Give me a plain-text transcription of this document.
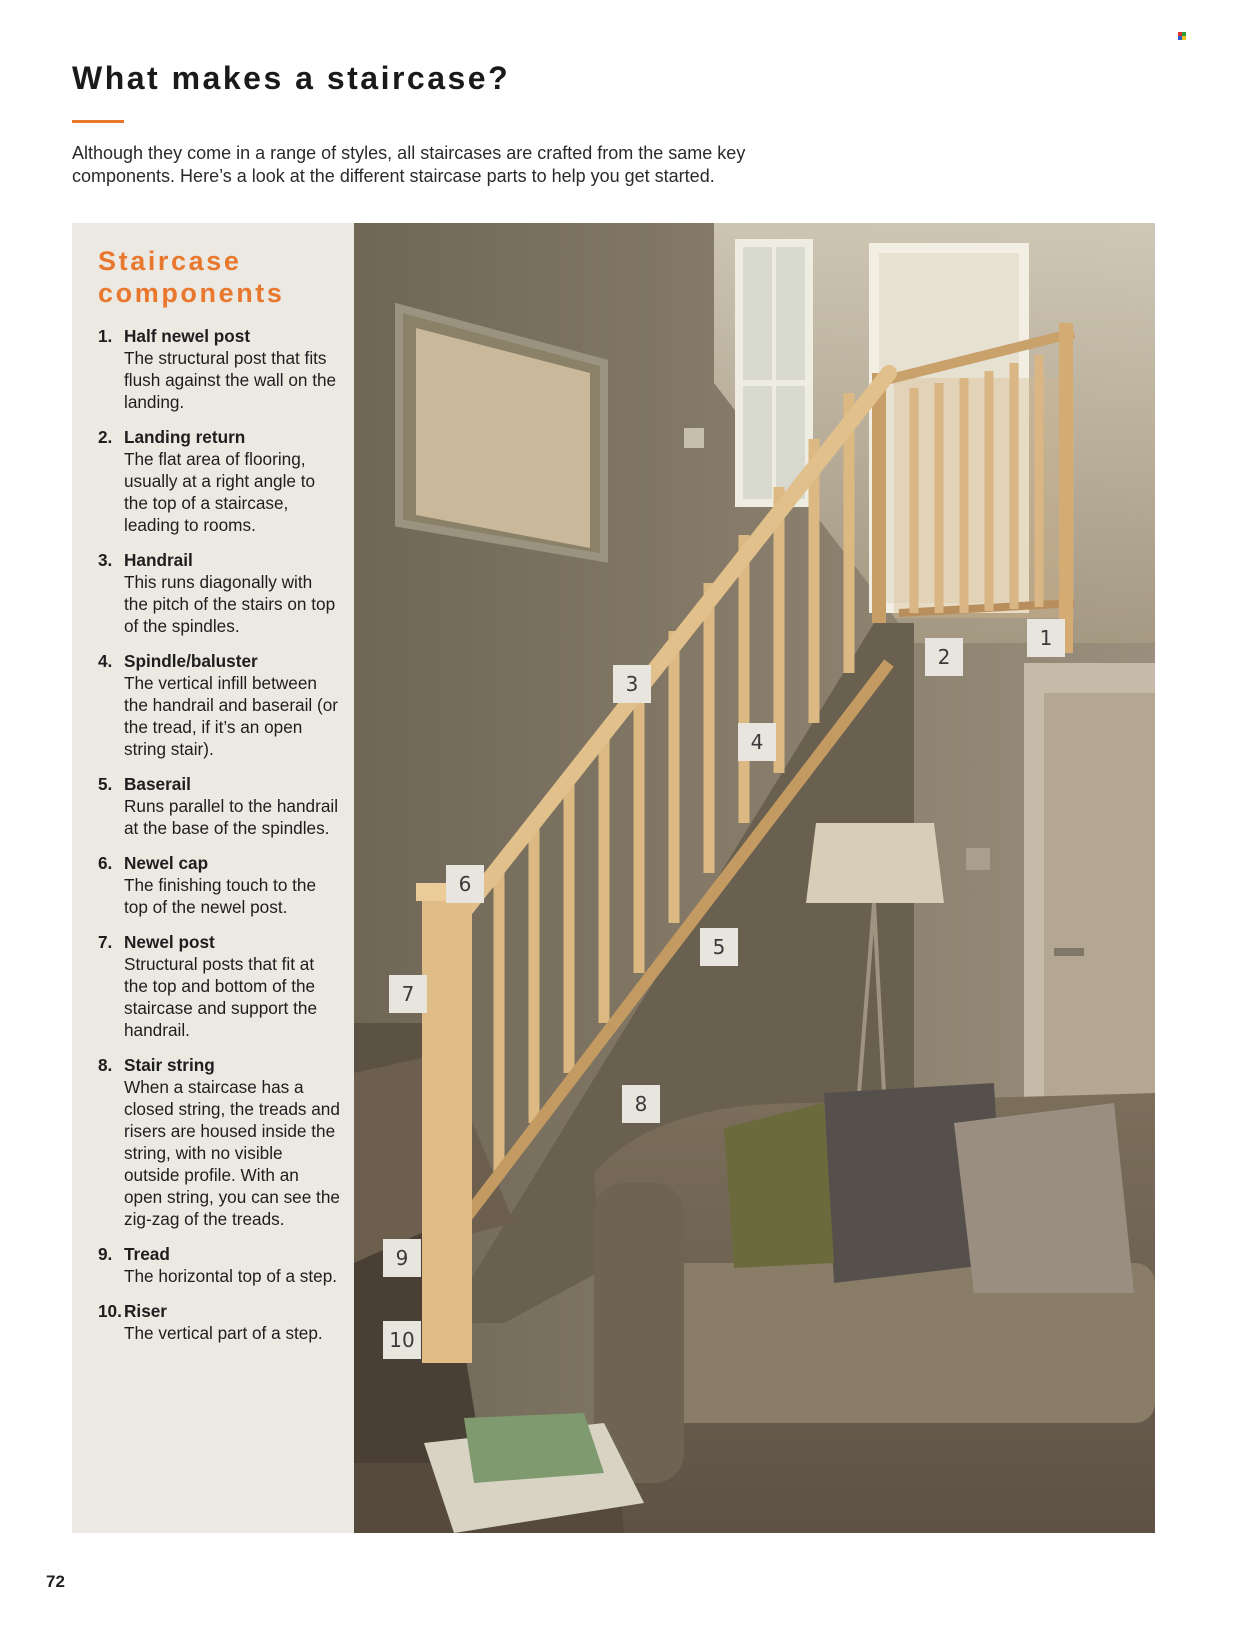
What makes a staircase?

Although they come in a range of styles, all staircases are crafted from the same key components. Here’s a look at the different staircase parts to help you get started.

Staircase
components
1. Half newel post
The structural post that fits flush against the wall on the landing.
2. Landing return
The flat area of flooring, usually at a right angle to the top of a staircase, leading to rooms.
3. Handrail
This runs diagonally with the pitch of the stairs on top of the spindles.
4. Spindle/baluster
The vertical infill between the handrail and baserail (or the tread, if it’s an open string stair).
5. Baserail
Runs parallel to the handrail at the base of the spindles.
6. Newel cap
The finishing touch to the top of the newel post.
7. Newel post
Structural posts that fit at the top and bottom of the staircase and support the handrail.
8. Stair string
When a staircase has a closed string, the treads and risers are housed inside the string, with no visible outside profile. With an open string, you can see the zig-zag of the treads.
9. Tread
The horizontal top of a step.
10. Riser
The vertical part of a step.
1
2
3
4
5
6
7
8
9
10
72
